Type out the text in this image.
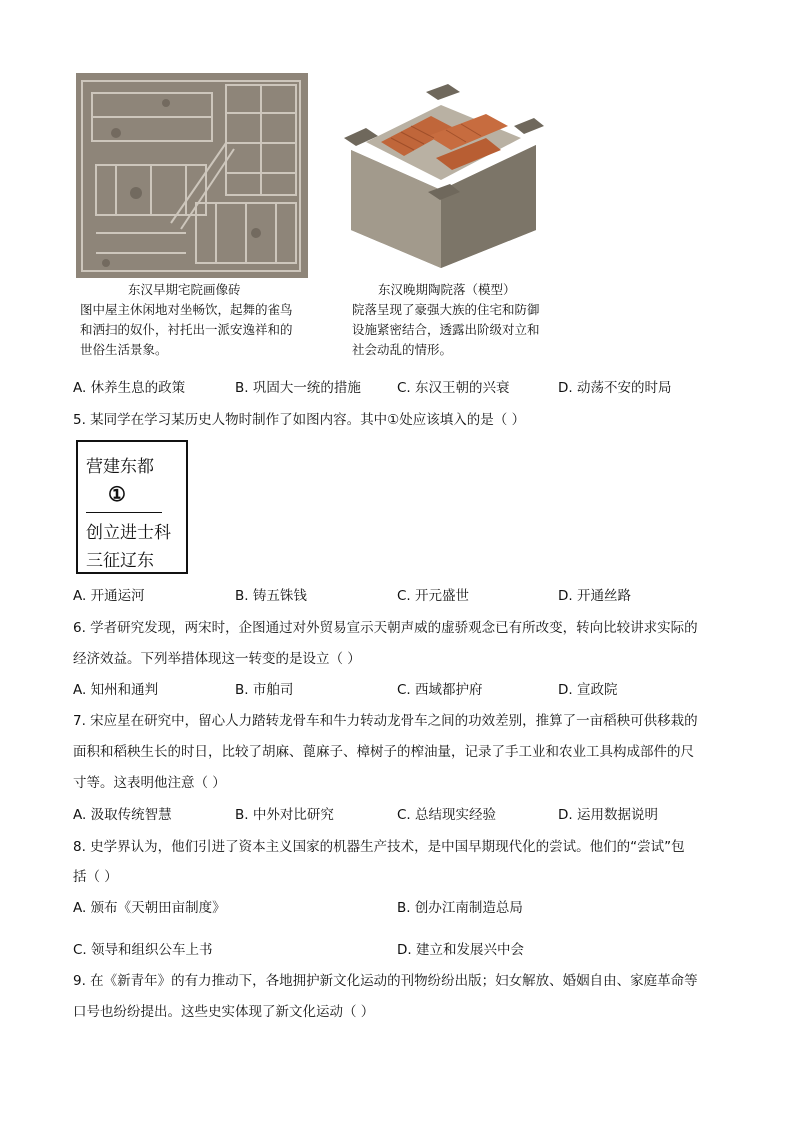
东汉早期宅院画像砖
图中屋主休闲地对坐畅饮，起舞的雀鸟
和洒扫的奴仆，衬托出一派安逸祥和的
世俗生活景象。
东汉晚期陶院落（模型）
院落呈现了豪强大族的住宅和防御
设施紧密结合，透露出阶级对立和
社会动乱的情形。
A. 休养生息的政策	B. 巩固大一统的措施	C. 东汉王朝的兴衰	D. 动荡不安的时局
5. 某同学在学习某历史人物时制作了如图内容。其中①处应该填入的是（ ）
营建东都
①
创立进士科
三征辽东
A. 开通运河	B. 铸五铢钱	C. 开元盛世	D. 开通丝路
6. 学者研究发现，两宋时，企图通过对外贸易宣示天朝声威的虚骄观念已有所改变，转向比较讲求实际的
经济效益。下列举措体现这一转变的是设立（ ）
A. 知州和通判	B. 市舶司	C. 西域都护府	D. 宣政院
7. 宋应星在研究中，留心人力踏转龙骨车和牛力转动龙骨车之间的功效差别，推算了一亩稻秧可供移栽的
面积和稻秧生长的时日，比较了胡麻、蓖麻子、樟树子的榨油量，记录了手工业和农业工具构成部件的尺
寸等。这表明他注意（ ）
A. 汲取传统智慧	B. 中外对比研究	C. 总结现实经验	D. 运用数据说明
8. 史学界认为，他们引进了资本主义国家的机器生产技术，是中国早期现代化的尝试。他们的“尝试”包
括（ ）
A. 颁布《天朝田亩制度》	B. 创办江南制造总局
C. 领导和组织公车上书	D. 建立和发展兴中会
9. 在《新青年》的有力推动下，各地拥护新文化运动的刊物纷纷出版；妇女解放、婚姻自由、家庭革命等
口号也纷纷提出。这些史实体现了新文化运动（ ）
